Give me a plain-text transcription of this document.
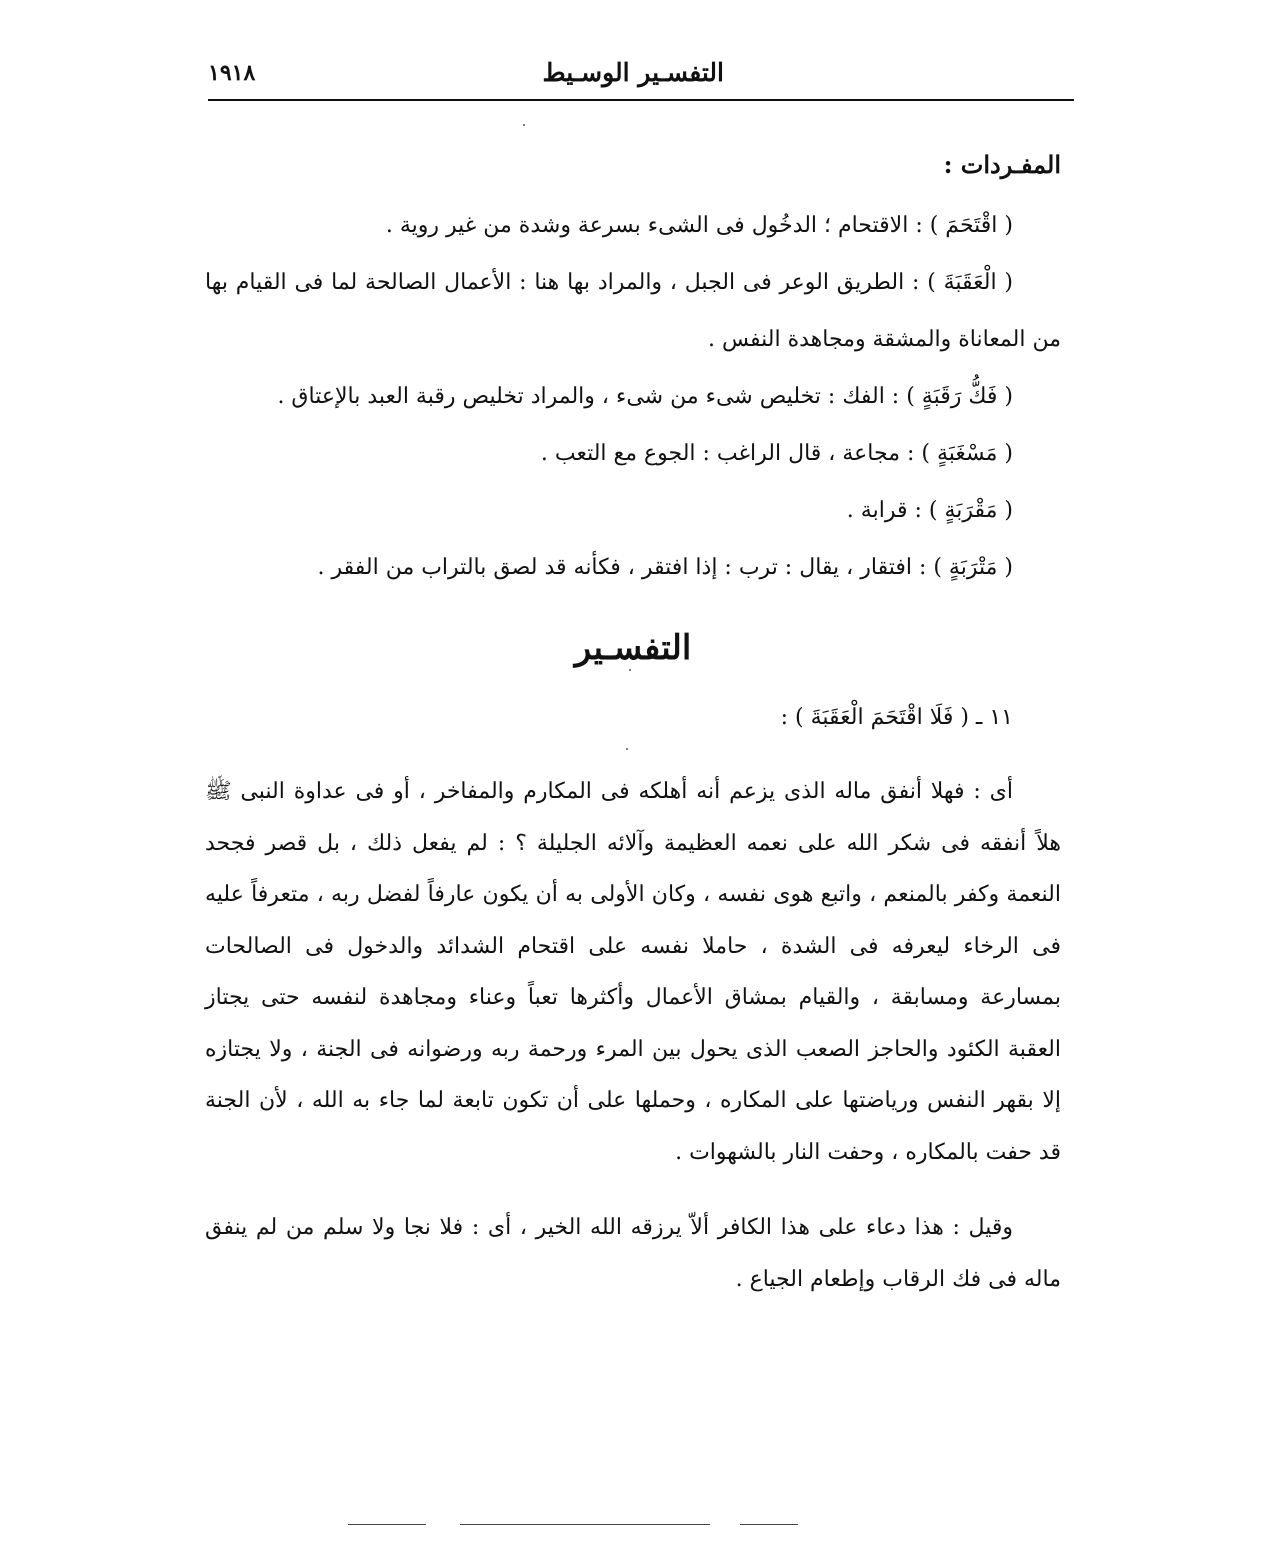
التفسـير الوسـيط
١٩١٨
المفـردات :

( اقْتَحَمَ ) : الاقتحام ؛ الدخُول فى الشىء بسرعة وشدة من غير روية .

( الْعَقَبَةَ ) : الطريق الوعر فى الجبل ، والمراد بها هنا : الأعمال الصالحة لما فى القيام بها من المعاناة والمشقة ومجاهدة النفس .

( فَكُّ رَقَبَةٍ ) : الفك : تخليص شىء من شىء ، والمراد تخليص رقبة العبد بالإعتاق .

( مَسْغَبَةٍ ) : مجاعة ، قال الراغب : الجوع مع التعب .

( مَقْرَبَةٍ ) : قرابة .

( مَتْرَبَةٍ ) : افتقار ، يقال : ترب : إذا افتقر ، فكأنه قد لصق بالتراب من الفقر .

التفسـير
١١ ـ ( فَلَا اقْتَحَمَ الْعَقَبَةَ ) :

أى : فهلا أنفق ماله الذى يزعم أنه أهلكه فى المكارم والمفاخر ، أو فى عداوة النبى ﷺ هلاً أنفقه فى شكر الله على نعمه العظيمة وآلائه الجليلة ؟ : لم يفعل ذلك ، بل قصر فجحد النعمة وكفر بالمنعم ، واتبع هوى نفسه ، وكان الأولى به أن يكون عارفاً لفضل ربه ، متعرفاً عليه فى الرخاء ليعرفه فى الشدة ، حاملا نفسه على اقتحام الشدائد والدخول فى الصالحات بمسارعة ومسابقة ، والقيام بمشاق الأعمال وأكثرها تعباً وعناء ومجاهدة لنفسه حتى يجتاز العقبة الكئود والحاجز الصعب الذى يحول بين المرء ورحمة ربه ورضوانه فى الجنة ، ولا يجتازه إلا بقهر النفس ورياضتها على المكاره ، وحملها على أن تكون تابعة لما جاء به الله ، لأن الجنة قد حفت بالمكاره ، وحفت النار بالشهوات .

وقيل : هذا دعاء على هذا الكافر ألاّ يرزقه الله الخير ، أى : فلا نجا ولا سلم من لم ينفق ماله فى فك الرقاب وإطعام الجياع .
